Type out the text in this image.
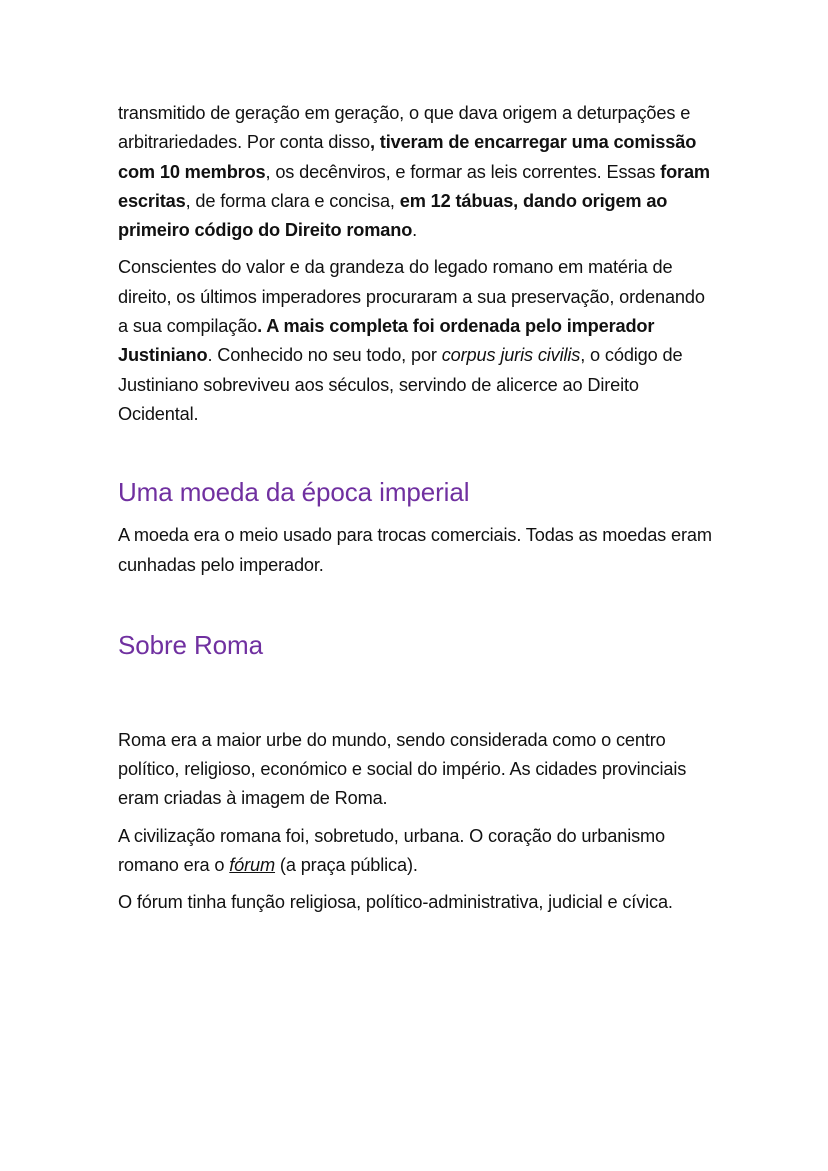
transmitido de geração em geração, o que dava origem a deturpações e arbitrariedades. Por conta disso, tiveram de encarregar uma comissão com 10 membros, os decênviros, e formar as leis correntes. Essas foram escritas, de forma clara e concisa, em 12 tábuas, dando origem ao primeiro código do Direito romano.

Conscientes do valor e da grandeza do legado romano em matéria de direito, os últimos imperadores procuraram a sua preservação, ordenando a sua compilação. A mais completa foi ordenada pelo imperador Justiniano. Conhecido no seu todo, por corpus juris civilis, o código de Justiniano sobreviveu aos séculos, servindo de alicerce ao Direito Ocidental.

Uma moeda da época imperial

A moeda era o meio usado para trocas comerciais. Todas as moedas eram cunhadas pelo imperador.

Sobre Roma

Roma era a maior urbe do mundo, sendo considerada como o centro político, religioso, económico e social do império. As cidades provinciais eram criadas à imagem de Roma.

A civilização romana foi, sobretudo, urbana. O coração do urbanismo romano era o fórum (a praça pública).

O fórum tinha função religiosa, político-administrativa, judicial e cívica.
